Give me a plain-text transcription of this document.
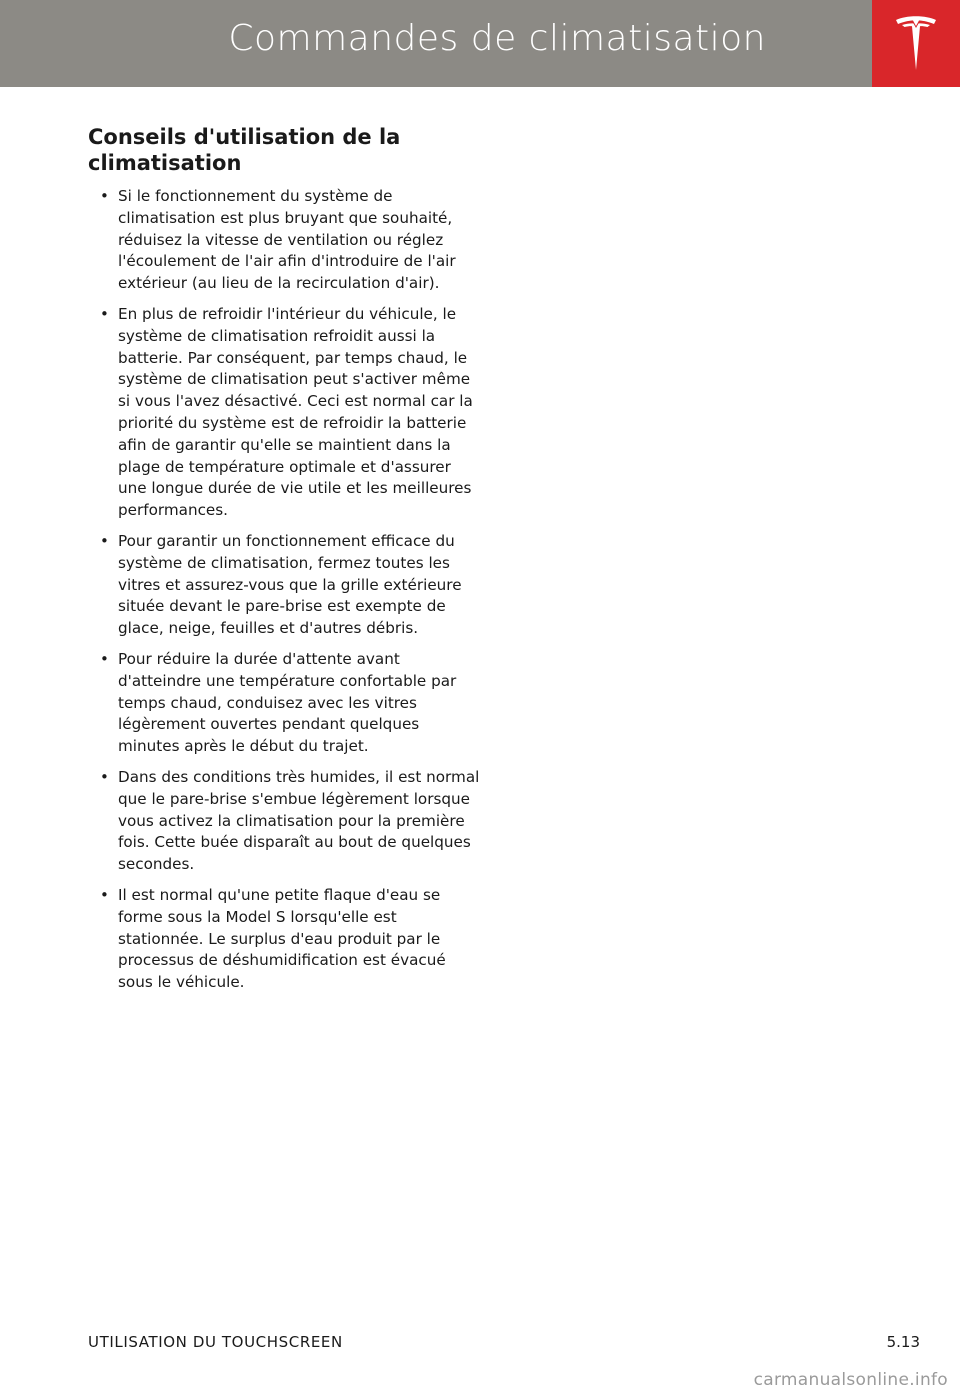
Commandes de climatisation
Conseils d'utilisation de la climatisation
• Si le fonctionnement du système de climatisation est plus bruyant que souhaité, réduisez la vitesse de ventilation ou réglez l'écoulement de l'air afin d'introduire de l'air extérieur (au lieu de la recirculation d'air).
• En plus de refroidir l'intérieur du véhicule, le système de climatisation refroidit aussi la batterie. Par conséquent, par temps chaud, le système de climatisation peut s'activer même si vous l'avez désactivé. Ceci est normal car la priorité du système est de refroidir la batterie afin de garantir qu'elle se maintient dans la plage de température optimale et d'assurer une longue durée de vie utile et les meilleures performances.
• Pour garantir un fonctionnement efficace du système de climatisation, fermez toutes les vitres et assurez-vous que la grille extérieure située devant le pare-brise est exempte de glace, neige, feuilles et d'autres débris.
• Pour réduire la durée d'attente avant d'atteindre une température confortable par temps chaud, conduisez avec les vitres légèrement ouvertes pendant quelques minutes après le début du trajet.
• Dans des conditions très humides, il est normal que le pare-brise s'embue légèrement lorsque vous activez la climatisation pour la première fois. Cette buée disparaît au bout de quelques secondes.
• Il est normal qu'une petite flaque d'eau se forme sous la Model S lorsqu'elle est stationnée. Le surplus d'eau produit par le processus de déshumidification est évacué sous le véhicule.
UTILISATION DU TOUCHSCREEN	5.13
carmanualsonline.info
